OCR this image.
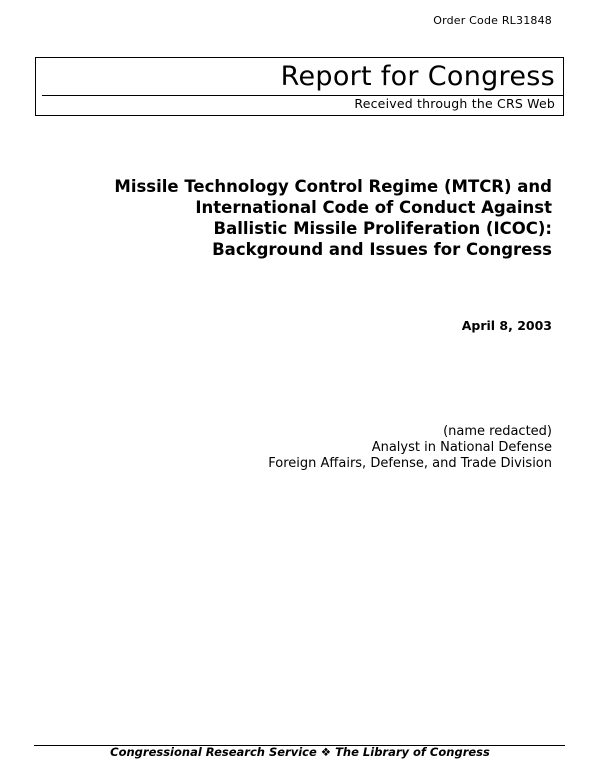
Order Code RL31848
Report for Congress
Received through the CRS Web
Missile Technology Control Regime (MTCR) and
International Code of Conduct Against
Ballistic Missile Proliferation (ICOC):
Background and Issues for Congress
April 8, 2003
(name redacted)
Analyst in National Defense
Foreign Affairs, Defense, and Trade Division
Congressional Research Service ❖ The Library of Congress
